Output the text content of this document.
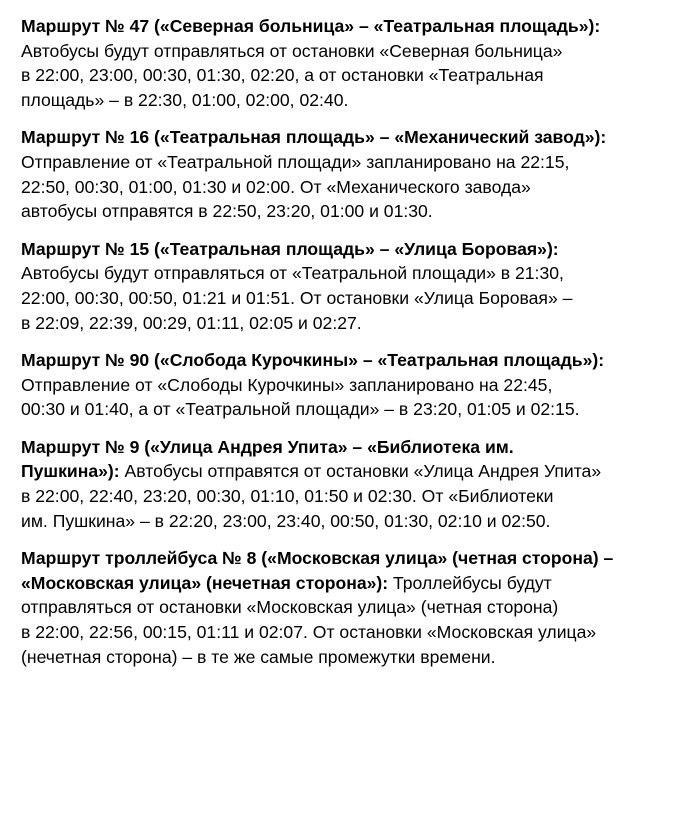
Маршрут № 47 («Северная больница» – «Театральная площадь»):

Автобусы будут отправляться от остановки «Северная больница»

в 22:00, 23:00, 00:30, 01:30, 02:20, а от остановки «Театральная

площадь» – в 22:30, 01:00, 02:00, 02:40.

Маршрут № 16 («Театральная площадь» – «Механический завод»):

Отправление от «Театральной площади» запланировано на 22:15,

22:50, 00:30, 01:00, 01:30 и 02:00. От «Механического завода»

автобусы отправятся в 22:50, 23:20, 01:00 и 01:30.

Маршрут № 15 («Театральная площадь» – «Улица Боровая»):

Автобусы будут отправляться от «Театральной площади» в 21:30,

22:00, 00:30, 00:50, 01:21 и 01:51. От остановки «Улица Боровая» –

в 22:09, 22:39, 00:29, 01:11, 02:05 и 02:27.

Маршрут № 90 («Слобода Курочкины» – «Театральная площадь»):

Отправление от «Слободы Курочкины» запланировано на 22:45,

00:30 и 01:40, а от «Театральной площади» – в 23:20, 01:05 и 02:15.

Маршрут № 9 («Улица Андрея Упита» – «Библиотека им.

Пушкина»): Автобусы отправятся от остановки «Улица Андрея Упита»

в 22:00, 22:40, 23:20, 00:30, 01:10, 01:50 и 02:30. От «Библиотеки

им. Пушкина» – в 22:20, 23:00, 23:40, 00:50, 01:30, 02:10 и 02:50.

Маршрут троллейбуса № 8 («Московская улица» (четная сторона) –

«Московская улица» (нечетная сторона»): Троллейбусы будут

отправляться от остановки «Московская улица» (четная сторона)

в 22:00, 22:56, 00:15, 01:11 и 02:07. От остановки «Московская улица»

(нечетная сторона) – в те же самые промежутки времени.
